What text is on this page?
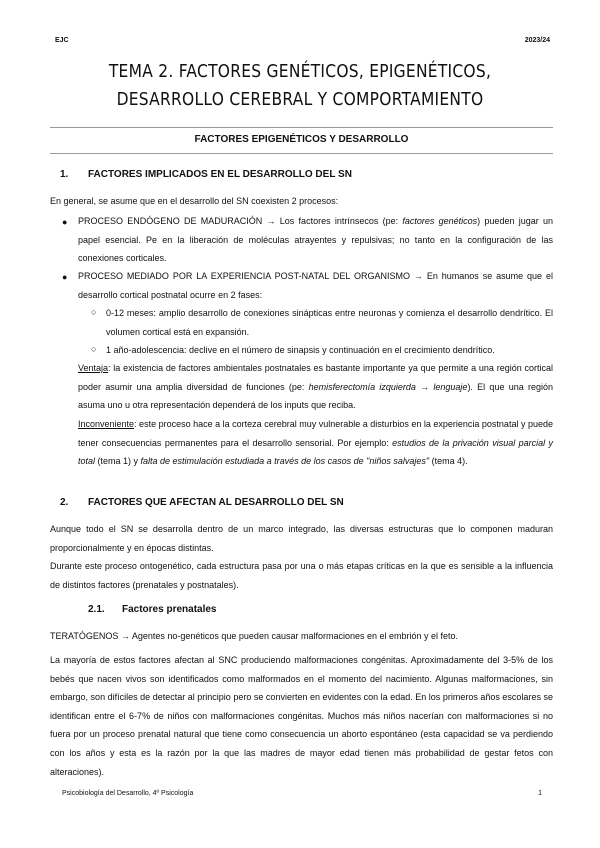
EJC	2023/24
TEMA 2. FACTORES GENÉTICOS, EPIGENÉTICOS, DESARROLLO CEREBRAL Y COMPORTAMIENTO
FACTORES EPIGENÉTICOS Y DESARROLLO
1. FACTORES IMPLICADOS EN EL DESARROLLO DEL SN
En general, se asume que en el desarrollo del SN coexisten 2 procesos:
● PROCESO ENDÓGENO DE MADURACIÓN → Los factores intrínsecos (pe: factores genéticos) pueden jugar un papel esencial. Pe en la liberación de moléculas atrayentes y repulsivas; no tanto en la configuración de las conexiones corticales.
● PROCESO MEDIADO POR LA EXPERIENCIA POST-NATAL DEL ORGANISMO → En humanos se asume que el desarrollo cortical postnatal ocurre en 2 fases:
○ 0-12 meses: amplio desarrollo de conexiones sinápticas entre neuronas y comienza el desarrollo dendrítico. El volumen cortical está en expansión.
○ 1 año-adolescencia: declive en el número de sinapsis y continuación en el crecimiento dendrítico.
Ventaja: la existencia de factores ambientales postnatales es bastante importante ya que permite a una región cortical poder asumir una amplia diversidad de funciones (pe: hemisferectomía izquierda → lenguaje). El que una región asuma uno u otra representación dependerá de los inputs que reciba.
Inconveniente: este proceso hace a la corteza cerebral muy vulnerable a disturbios en la experiencia postnatal y puede tener consecuencias permanentes para el desarrollo sensorial. Por ejemplo: estudios de la privación visual parcial y total (tema 1) y falta de estimulación estudiada a través de los casos de "niños salvajes" (tema 4).
2. FACTORES QUE AFECTAN AL DESARROLLO DEL SN
Aunque todo el SN se desarrolla dentro de un marco integrado, las diversas estructuras que lo componen maduran proporcionalmente y en épocas distintas.
Durante este proceso ontogenético, cada estructura pasa por una o más etapas críticas en la que es sensible a la influencia de distintos factores (prenatales y postnatales).
2.1. Factores prenatales
TERATÓGENOS → Agentes no-genéticos que pueden causar malformaciones en el embrión y el feto.
La mayoría de estos factores afectan al SNC produciendo malformaciones congénitas. Aproximadamente del 3-5% de los bebés que nacen vivos son identificados como malformados en el momento del nacimiento. Algunas malformaciones, sin embargo, son difíciles de detectar al principio pero se convierten en evidentes con la edad. En los primeros años escolares se identifican entre el 6-7% de niños con malformaciones congénitas. Muchos más niños nacerían con malformaciones si no fuera por un proceso prenatal natural que tiene como consecuencia un aborto espontáneo (esta capacidad se va perdiendo con los años y esta es la razón por la que las madres de mayor edad tienen más probabilidad de gestar fetos con alteraciones).
Psicobiología del Desarrollo, 4º Psicología	1
